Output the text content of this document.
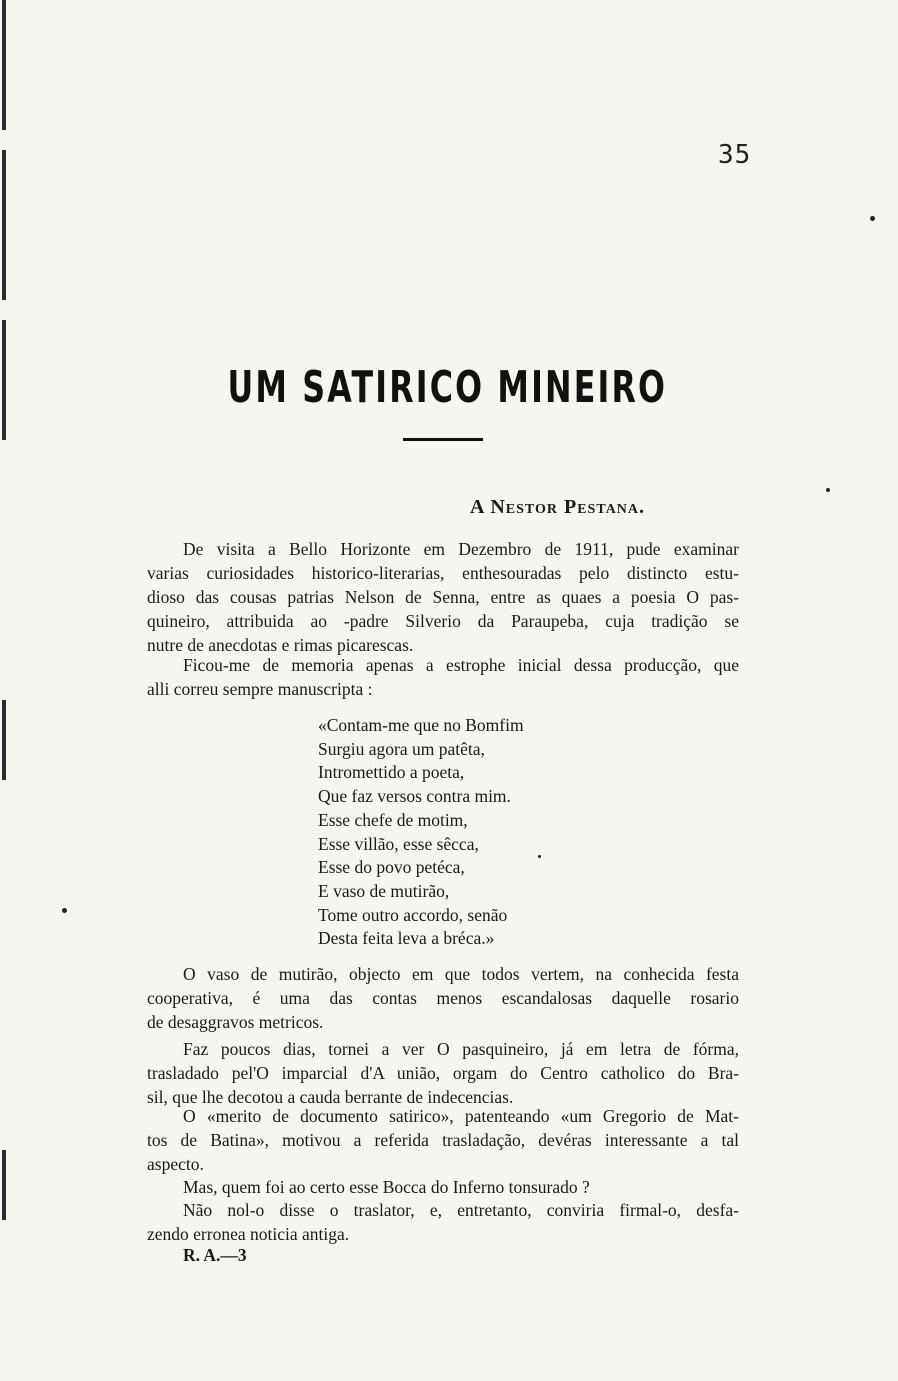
35
UM SATIRICO MINEIRO
A Nestor Pestana.
De visita a Bello Horizonte em Dezembro de 1911, pude examinar
varias curiosidades historico-literarias, enthesouradas pelo distincto estu-
dioso das cousas patrias Nelson de Senna, entre as quaes a poesia O pas-
quineiro, attribuida ao -padre Silverio da Paraupeba, cuja tradição se
nutre de anecdotas e rimas picarescas.
Ficou-me de memoria apenas a estrophe inicial dessa producção, que
alli correu sempre manuscripta :
«Contam-me que no Bomfim
Surgiu agora um patêta,
Intromettido a poeta,
Que faz versos contra mim.
Esse chefe de motim,
Esse villão, esse sêcca,
Esse do povo petéca,
E vaso de mutirão,
Tome outro accordo, senão
Desta feita leva a bréca.»
O vaso de mutirão, objecto em que todos vertem, na conhecida festa
cooperativa, é uma das contas menos escandalosas daquelle rosario
de desaggravos metricos.
Faz poucos dias, tornei a ver O pasquineiro, já em letra de fórma,
trasladado pel'O imparcial d'A união, orgam do Centro catholico do Bra-
sil, que lhe decotou a cauda berrante de indecencias.
O «merito de documento satirico», patenteando «um Gregorio de Mat-
tos de Batina», motivou a referida trasladação, devéras interessante a tal
aspecto.
Mas, quem foi ao certo esse Bocca do Inferno tonsurado ?
Não nol-o disse o traslator, e, entretanto, conviria firmal-o, desfa-
zendo erronea noticia antiga.
R. A.—3
